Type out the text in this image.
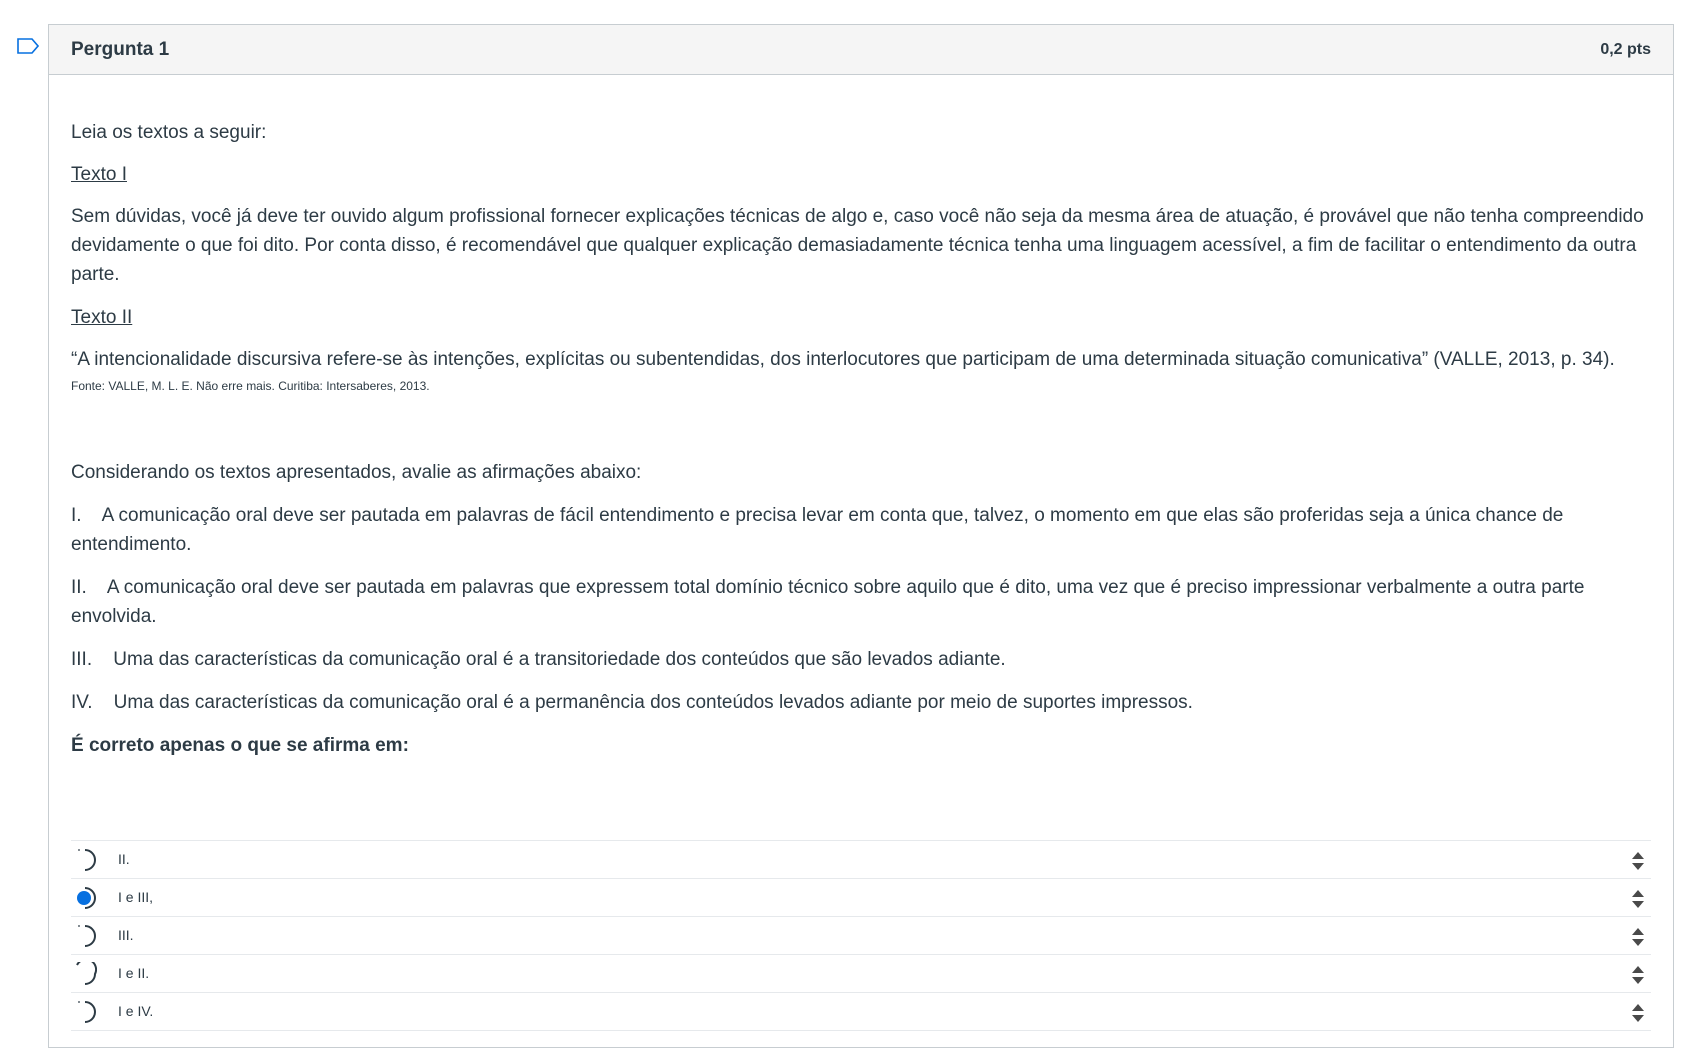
Pergunta 1	0,2 pts

Leia os textos a seguir:

Texto I

Sem dúvidas, você já deve ter ouvido algum profissional fornecer explicações técnicas de algo e, caso você não seja da mesma área de atuação, é provável que não tenha compreendido devidamente o que foi dito. Por conta disso, é recomendável que qualquer explicação demasiadamente técnica tenha uma linguagem acessível, a fim de facilitar o entendimento da outra parte.

Texto II

“A intencionalidade discursiva refere-se às intenções, explícitas ou subentendidas, dos interlocutores que participam de uma determinada situação comunicativa” (VALLE, 2013, p. 34).

Fonte: VALLE, M. L. E. Não erre mais. Curitiba: Intersaberes, 2013.

Considerando os textos apresentados, avalie as afirmações abaixo:

I.    A comunicação oral deve ser pautada em palavras de fácil entendimento e precisa levar em conta que, talvez, o momento em que elas são proferidas seja a única chance de entendimento.

II.    A comunicação oral deve ser pautada em palavras que expressem total domínio técnico sobre aquilo que é dito, uma vez que é preciso impressionar verbalmente a outra parte envolvida.

III.    Uma das características da comunicação oral é a transitoriedade dos conteúdos que são levados adiante.

IV.    Uma das características da comunicação oral é a permanência dos conteúdos levados adiante por meio de suportes impressos.

É correto apenas o que se afirma em:

II.
I e III,
III.
I e II.
I e IV.
